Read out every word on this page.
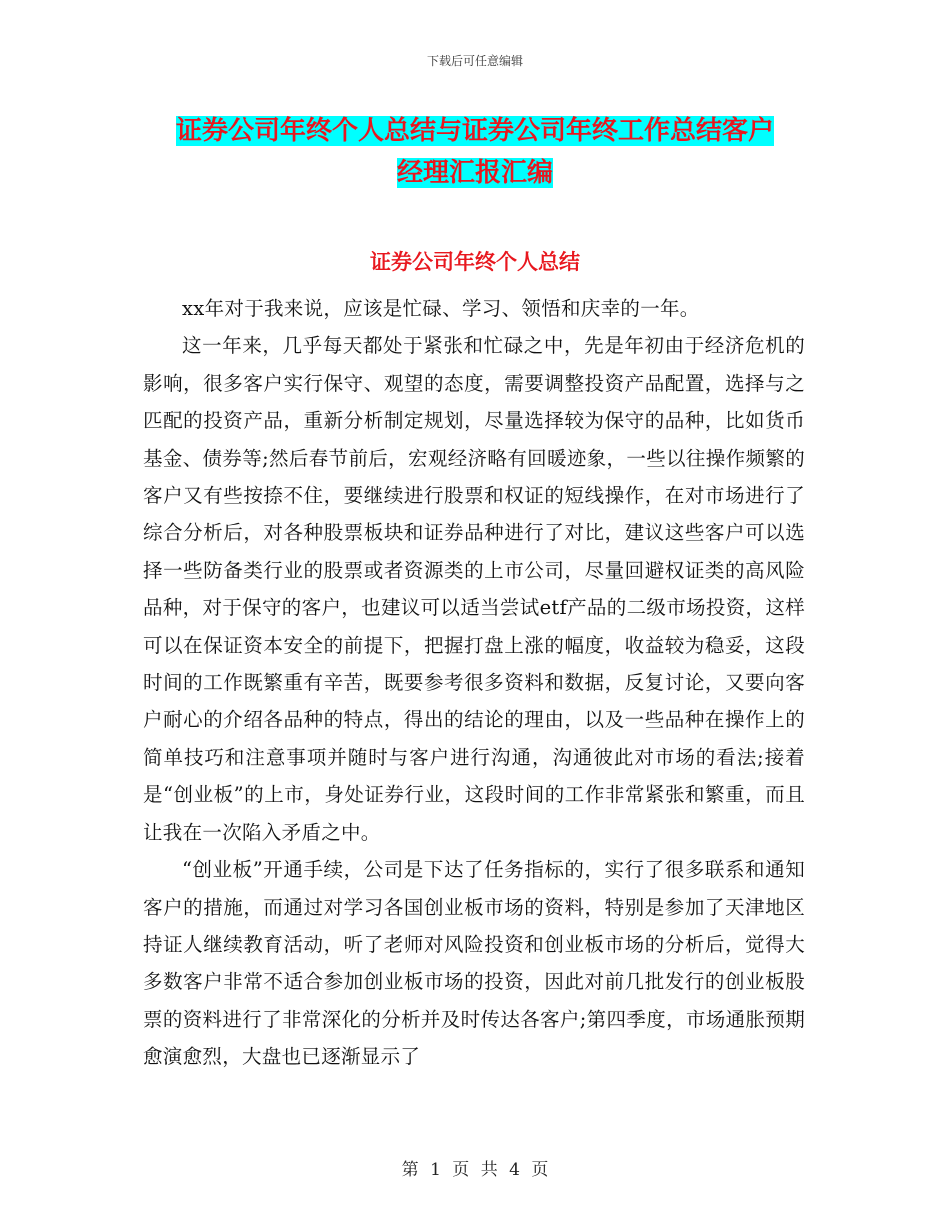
下载后可任意编辑
证券公司年终个人总结与证券公司年终工作总结客户
经理汇报汇编
证券公司年终个人总结

xx年对于我来说，应该是忙碌、学习、领悟和庆幸的一年。

这一年来，几乎每天都处于紧张和忙碌之中，先是年初由于经济危机的影响，很多客户实行保守、观望的态度，需要调整投资产品配置，选择与之匹配的投资产品，重新分析制定规划，尽量选择较为保守的品种，比如货币基金、债券等;然后春节前后，宏观经济略有回暖迹象，一些以往操作频繁的客户又有些按捺不住，要继续进行股票和权证的短线操作，在对市场进行了综合分析后，对各种股票板块和证券品种进行了对比，建议这些客户可以选择一些防备类行业的股票或者资源类的上市公司，尽量回避权证类的高风险品种，对于保守的客户，也建议可以适当尝试etf产品的二级市场投资，这样可以在保证资本安全的前提下，把握打盘上涨的幅度，收益较为稳妥，这段时间的工作既繁重有辛苦，既要参考很多资料和数据，反复讨论，又要向客户耐心的介绍各品种的特点，得出的结论的理由，以及一些品种在操作上的简单技巧和注意事项并随时与客户进行沟通，沟通彼此对市场的看法;接着是“创业板”的上市，身处证券行业，这段时间的工作非常紧张和繁重，而且让我在一次陷入矛盾之中。

“创业板”开通手续，公司是下达了任务指标的，实行了很多联系和通知客户的措施，而通过对学习各国创业板市场的资料，特别是参加了天津地区持证人继续教育活动，听了老师对风险投资和创业板市场的分析后，觉得大多数客户非常不适合参加创业板市场的投资，因此对前几批发行的创业板股票的资料进行了非常深化的分析并及时传达各客户;第四季度，市场通胀预期愈演愈烈，大盘也已逐渐显示了

第 1 页 共 4 页
